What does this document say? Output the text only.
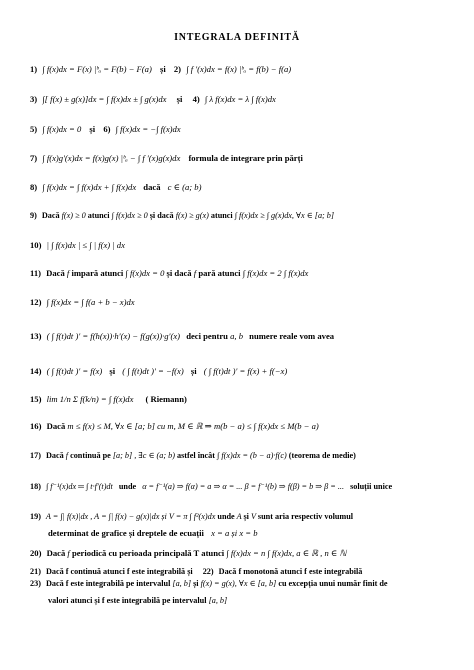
INTEGRALA DEFINITĂ
1) ∫ f(x)dx = F(x) |ᵇₐ = F(b) − F(a) și 2) ∫ f ′(x)dx = f(x) |ᵇₐ = f(b) − f(a)
3) ∫[ f(x) ± g(x)]dx = ∫ f(x)dx ± ∫ g(x)dx și 4) ∫ λ f(x)dx = λ ∫ f(x)dx
5) ∫ f(x)dx = 0 și 6) ∫ f(x)dx = −∫ f(x)dx
7) ∫ f(x)g′(x)dx = f(x)g(x) |ᵇₐ − ∫ f ′(x)g(x)dx formula de integrare prin părți
8) ∫ f(x)dx = ∫ f(x)dx + ∫ f(x)dx dacă c ∈ (a; b)
9) Dacă f(x) ≥ 0 atunci ∫ f(x)dx ≥ 0 și dacă f(x) ≥ g(x) atunci ∫ f(x)dx ≥ ∫ g(x)dx, ∀x ∈ [a; b]
10) | ∫ f(x)dx | ≤ ∫ | f(x) | dx
11) Dacă f impară atunci ∫ f(x)dx = 0 și dacă f pară atunci ∫ f(x)dx = 2 ∫ f(x)dx
12) ∫ f(x)dx = ∫ f(a + b − x)dx
13) ( ∫ f(t)dt )′ = f(h(x))·h′(x) − f(g(x))·g′(x) deci pentru a, b numere reale vom avea
14) ( ∫ f(t)dt )′ = f(x) și ( ∫ f(t)dt )′ = −f(x) și ( ∫ f(t)dt )′ = f(x) + f(−x)
15) lim 1/n Σ f(k/n) = ∫ f(x)dx ( Riemann)
16) Dacă m ≤ f(x) ≤ M, ∀x ∈ [a; b] cu m, M ∈ ℝ ⇒ m(b − a) ≤ ∫ f(x)dx ≤ M(b − a)
17) Dacă f continuă pe [a; b] , ∃c ∈ (a; b) astfel încât ∫ f(x)dx = (b − a)·f(c) (teorema de medie)
18) ∫ f⁻¹(x)dx ═ ∫ t·f′(t)dt unde α = f⁻¹(a) ⇒ f(α) = a ⇒ α = ... β = f⁻¹(b) ⇒ f(β) = b ⇒ β = ... soluții unice
19) A = ∫| f(x)|dx , A = ∫| f(x) − g(x)|dx și V = π ∫ f²(x)dx unde A și V sunt aria respectiv volumul
determinat de grafice și dreptele de ecuații x = a și x = b
20) Dacă f periodică cu perioada principală T atunci ∫ f(x)dx = n ∫ f(x)dx, a ∈ ℝ , n ∈ ℕ
21) Dacă f continuă atunci f este integrabilă și 22) Dacă f monotonă atunci f este integrabilă
23) Dacă f este integrabilă pe intervalul [a, b] și f(x) = g(x), ∀x ∈ [a, b] cu excepția unui număr finit de
valori atunci și f este integrabilă pe intervalul [a, b]
